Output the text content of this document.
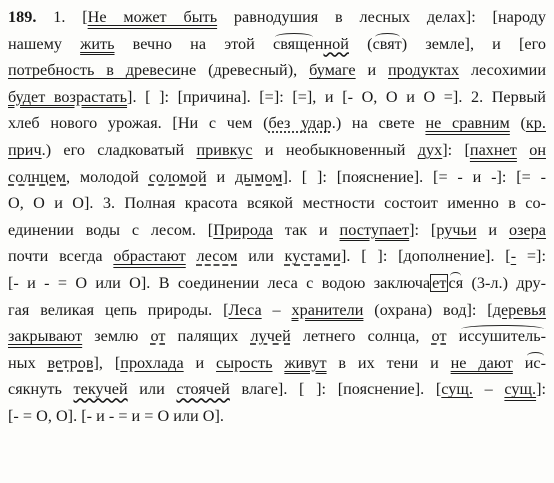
189. 1. [Не может быть равнодушия в лесных делах]: [народу
нашему жить вечно на этой
священной (
свят) земле], и [его
потребность в древесине (древесный), бумаге и продуктах лесохимии
будет возрастать]. [ ]: [причина]. [=]: [=], и [- О, О и О =]. 2. Первый
хлеб нового урожая. [Ни с чем (без удар.) на свете не сравним (кр.
прич.) его сладковатый привкус и необыкновенный дух]: [пахнет он
солнцем, молодой соломой и дымом]. [ ]: [пояснение]. [= - и -]: [= -
О, О и О]. 3. Полная красота всякой местности состоит именно в со-
единении воды с лесом. [Природа так и поступает]: [ручьи и озера
почти всегда обрастают лесом или кустами]. [ ]: [дополнение]. [- =]:
[- и - = О или О]. В соединении леса с водою заключа ет ся (3-л.) дру-
гая великая цепь природы. [Леса – хранители (охрана) вод]: [деревья
закрывают землю от палящих лучей летнего солнца, от иссушитель-
ных ветров], [прохлада и сырость живут в их тени и не дают ис-
сякнуть текучей или стоячей влаге]. [ ]: [пояснение]. [сущ. – сущ.]:
[- = О, О]. [- и - = и = О или О].
